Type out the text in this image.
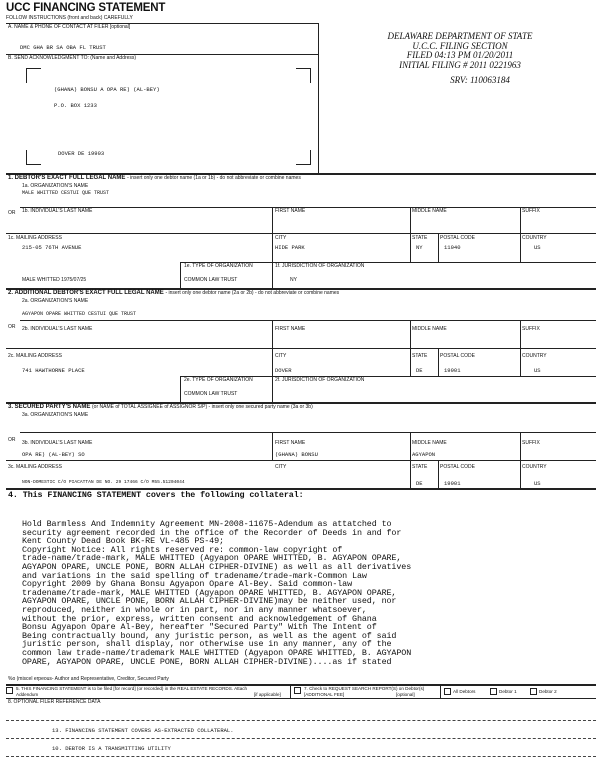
UCC FINANCING STATEMENT
FOLLOW INSTRUCTIONS (front and back) CAREFULLY
A. NAME & PHONE OF CONTACT AT FILER [optional]
DMC GHA BR SA OBA FL TRUST
B. SEND ACKNOWLEDGMENT TO: (Name and Address)
(GHANA) BONSU A OPA RE) (AL-BEY)
P.O. BOX 1233
DOVER DE 19903
DELAWARE DEPARTMENT OF STATE
U.C.C. FILING SECTION
FILED 04:13 PM 01/20/2011
INITIAL FILING # 2011 0221963
SRV: 110063184
1. DEBTOR'S EXACT FULL LEGAL NAME - insert only one debtor name (1a or 1b) - do not abbreviate or combine names
1a. ORGANIZATION'S NAME
MALE WHITTED CESTUI QUE TRUST
OR 1b. INDIVIDUAL'S LAST NAME	FIRST NAME	MIDDLE NAME	SUFFIX
1c. MAILING ADDRESS
215-05 76TH AVENUE
CITY
HIDE PARK
STATE
NY
POSTAL CODE
11040
COUNTRY
US
1e. TYPE OF ORGANIZATION
COMMON LAW TRUST
1f. JURISDICTION OF ORGANIZATION
NY
MALE WHITTED 1975/07/25
2. ADDITIONAL DEBTOR'S EXACT FULL LEGAL NAME - insert only one debtor name (2a or 2b) - do not abbreviate or combine names
2a. ORGANIZATION'S NAME
AGYAPON OPARE WHITTED CESTUI QUE TRUST
OR 2b. INDIVIDUAL'S LAST NAME	FIRST NAME	MIDDLE NAME	SUFFIX
2c. MAILING ADDRESS
741 HAWTHORNE PLACE
CITY
DOVER
STATE
DE
POSTAL CODE
19901
COUNTRY
US
2e. TYPE OF ORGANIZATION
COMMON LAW TRUST
2f. JURISDICTION OF ORGANIZATION
3. SECURED PARTY'S NAME (or NAME of TOTAL ASSIGNEE of ASSIGNOR S/P) - insert only one secured party name (3a or 3b)
3a. ORGANIZATION'S NAME
OR 3b. INDIVIDUAL'S LAST NAME
OPA RE) (AL-BEY) SO
FIRST NAME
(GHANA) BONSU
MIDDLE NAME
AGYAPON
SUFFIX
3c. MAILING ADDRESS
NON-DOMESTIC C/O PIACATTAN DE NO. 29 17466 C/O M55.51204044
CITY	STATE
DE
POSTAL CODE
19901
COUNTRY
US
4. This FINANCING STATEMENT covers the following collateral:
Hold Barmless And Indemnity Agreement MN-2008-11675-Adendum as attatched to
security agreement recorded in the office of the Recorder of Deeds in and for
Kent County Dead Book BK-RE VL-485 PS-49;
Copyright Notice: All rights reserved re: common-law copyright of
trade-name/trade-mark, MALE WHITTED (Agyapon OPARE WHITTED, B. AGYAPON OPARE,
AGYAPON OPARE, UNCLE PONE, BORN ALLAH CIPHER-DIVINE) as well as all derivatives
and variations in the said spelling of tradename/trade-mark-Common Law
Copyright 2009 by Ghana Bonsu Agyapon Opare Al-Bey. Said common-law
tradename/trade-mark, MALE WHITTED (Agyapon OPARE WHITTED, B. AGYAPON OPARE,
AGYAPON OPARE, UNCLE PONE, BORN ALLAH CIPHER-DIVINE)may be neither used, nor
reproduced, neither in whole or in part, nor in any manner whatsoever,
without the prior, express, written consent and acknowledgement of Ghana
Bonsu Agyapon Opare Al-Bey, hereafter "Secured Party" With The Intent of
Being contractually bound, any juristic person, as well as the agent of said
juristic person, shall display, nor otherwise use in any manner, any of the
common law trade-name/trademark MALE WHITTED (Agyapon OPARE WHITTED, B. AGYAPON
OPARE, AGYAPON OPARE, UNCLE PONE, BORN ALLAH CIPHER-DIVINE)....as if stated
%o (miscel erpeous- Author and Representative, Creditor, Secured Party
5. THIS FINANCING STATEMENT is to be filed [for record] (or recorded) in the REAL ESTATE RECORDS. Attach Addendum	[if applicable]
7. Check to REQUEST SEARCH REPORT(S) on Debtor(s) [ADDITIONAL FEE]	[optional]
All Debtors	Debtor 1	Debtor 2
8. OPTIONAL FILER REFERENCE DATA
13. FINANCING STATEMENT COVERS AS-EXTRACTED COLLATERAL.
10. DEBTOR IS A TRANSMITTING UTILITY
